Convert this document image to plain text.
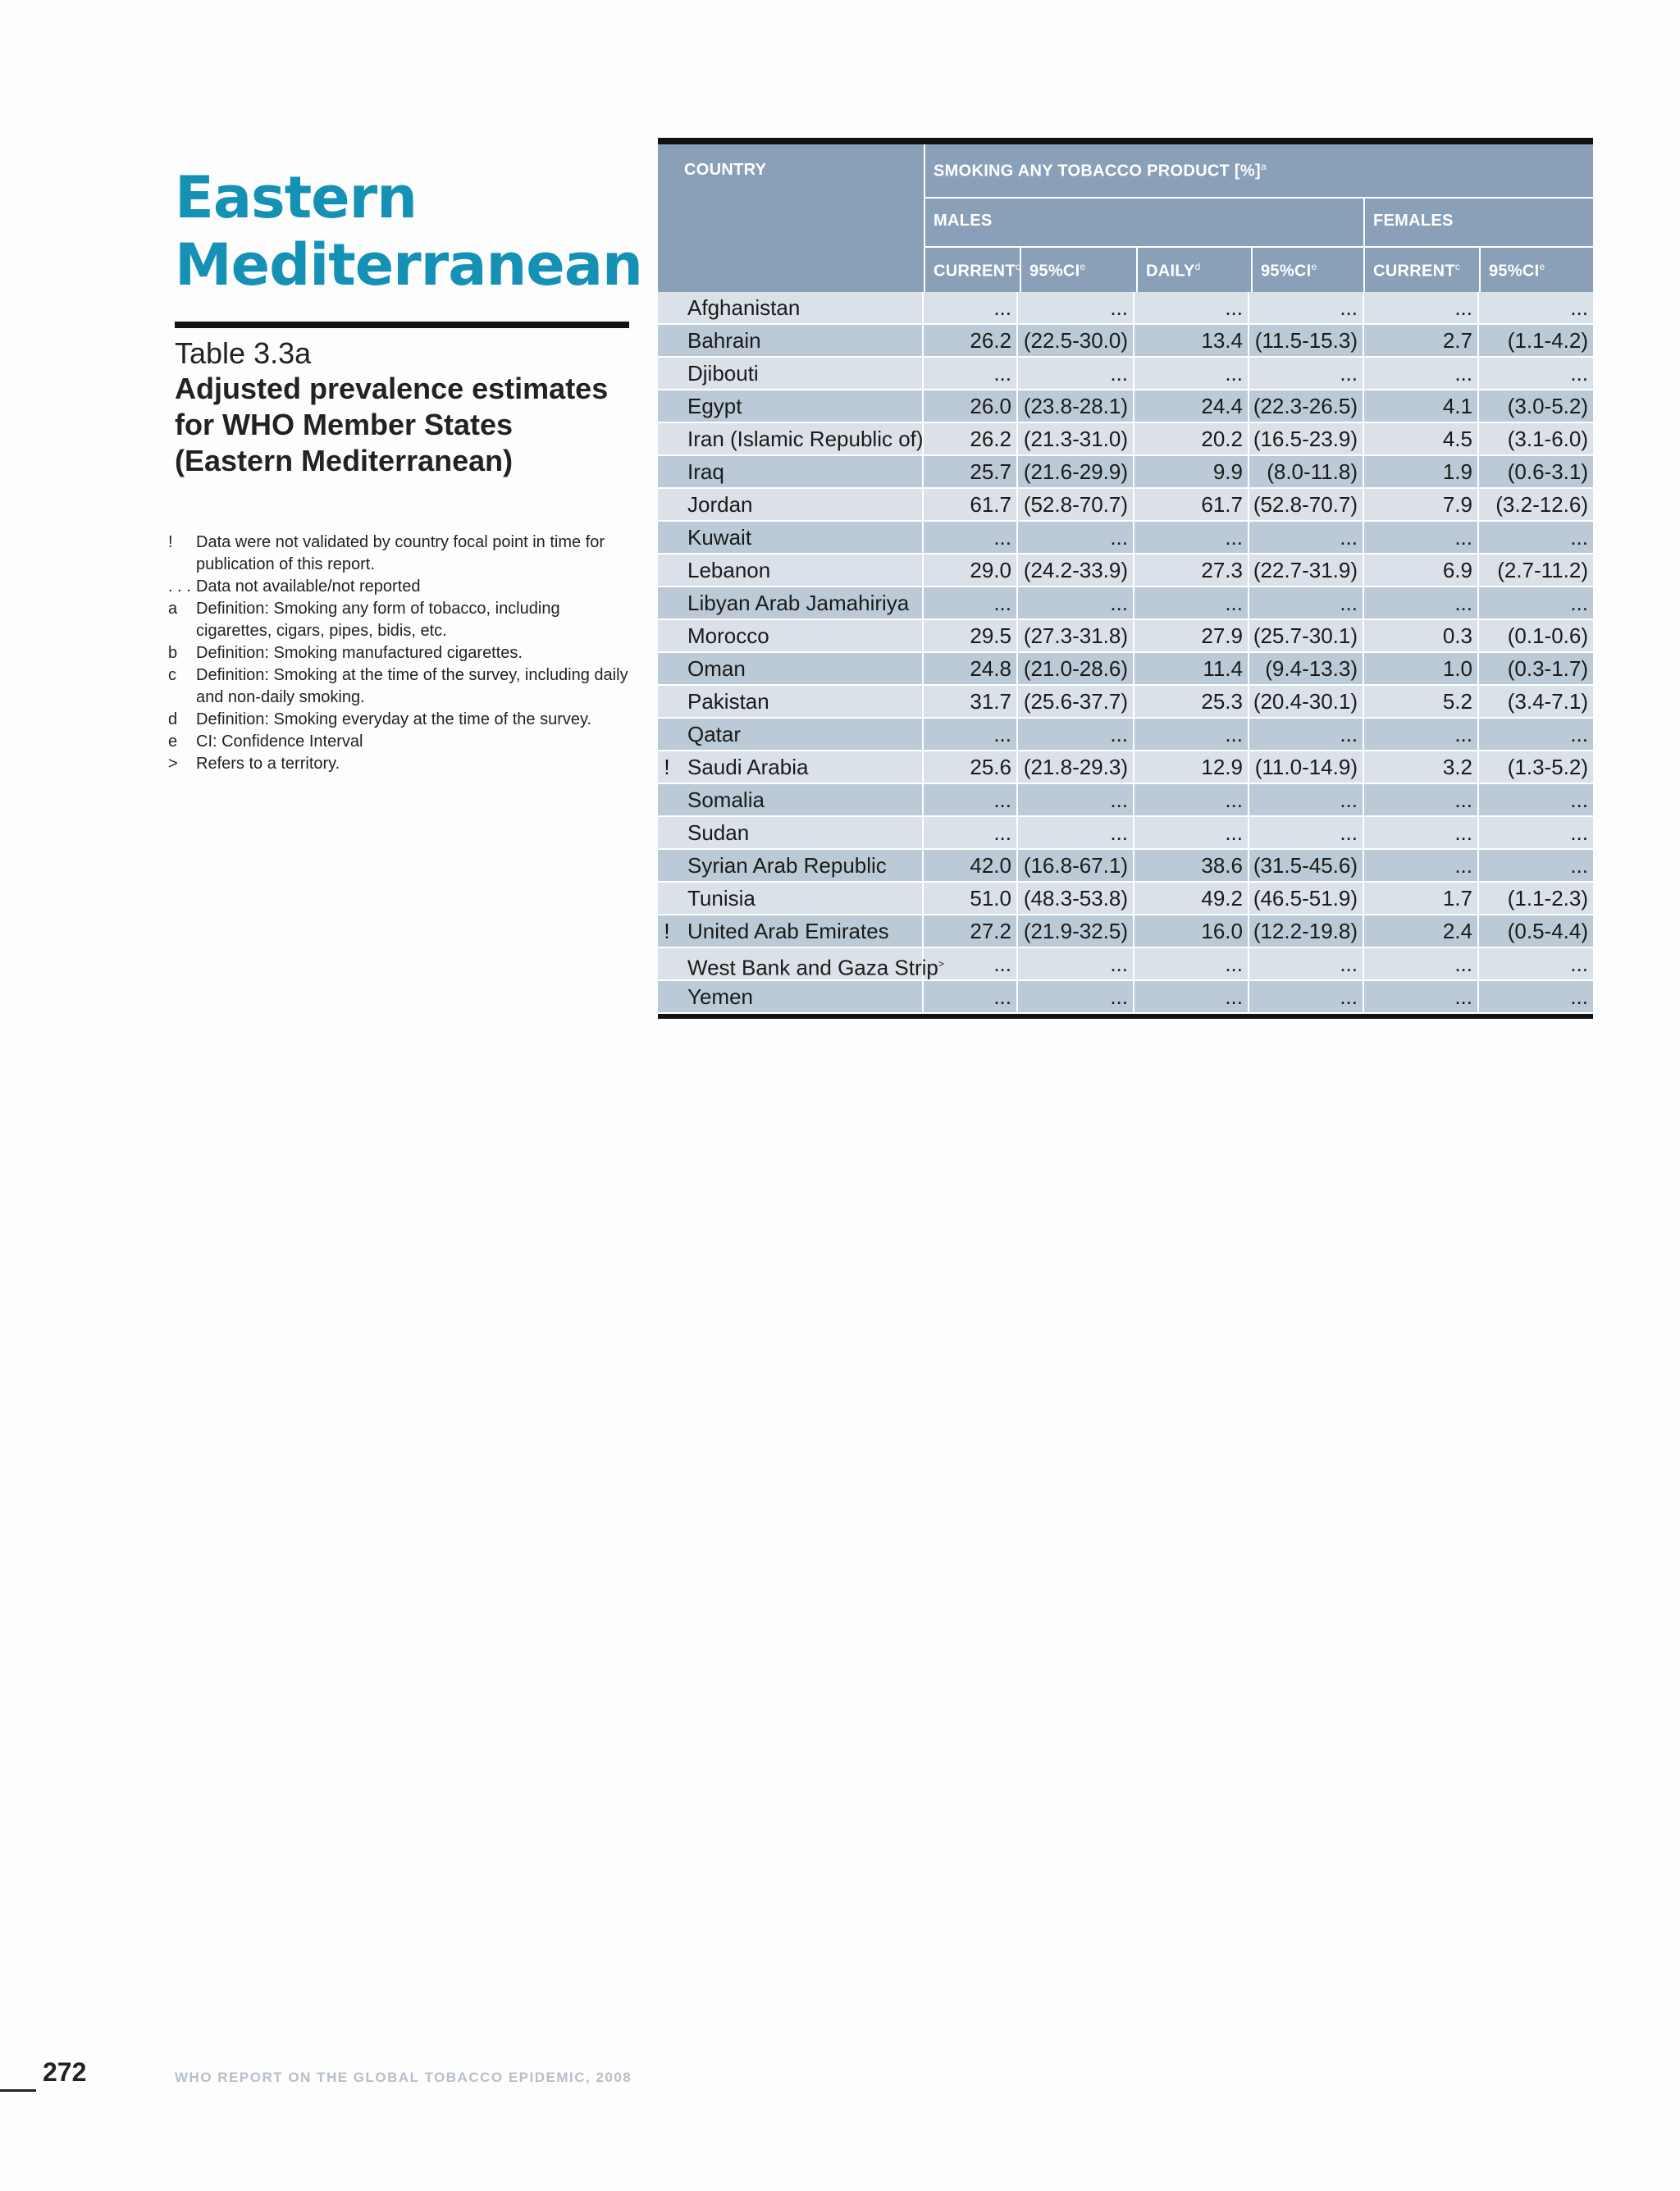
Eastern
Mediterranean
Table 3.3a
Adjusted prevalence estimates for WHO Member States (Eastern Mediterranean)
!	Data were not validated by country focal point in time for publication of this report.
. . . Data not available/not reported
a	Definition: Smoking any form of tobacco, including cigarettes, cigars, pipes, bidis, etc.
b	Definition: Smoking manufactured cigarettes.
c	Definition: Smoking at the time of the survey, including daily and non-daily smoking.
d	Definition: Smoking everyday at the time of the survey.
e	CI: Confidence Interval
>	Refers to a territory.
COUNTRY	SMOKING ANY TOBACCO PRODUCT [%]$^a$
MALES	FEMALES
CURRENT$^c$ 95%CIe	DAILY$^d$	95%CIe	CURRENT$^c$	95%CIe
Afghanistan	...	...	...	...	...	...
Bahrain	26.2 (22.5-30.0)	13.4 (11.5-15.3)	2.7	(1.1-4.2)
Djibouti	...	...	...	...	...	...
Egypt	26.0 (23.8-28.1)	24.4 (22.3-26.5)	4.1	(3.0-5.2)
Iran (Islamic Republic of)	26.2 (21.3-31.0)	20.2 (16.5-23.9)	4.5	(3.1-6.0)
Iraq	25.7 (21.6-29.9)	9.9	(8.0-11.8)	1.9	(0.6-3.1)
Jordan	61.7 (52.8-70.7)	61.7 (52.8-70.7)	7.9	(3.2-12.6)
Kuwait	...	...	...	...	...	...
Lebanon	29.0 (24.2-33.9)	27.3 (22.7-31.9)	6.9	(2.7-11.2)
Libyan Arab Jamahiriya	...	...	...	...	...	...
Morocco	29.5 (27.3-31.8)	27.9 (25.7-30.1)	0.3	(0.1-0.6)
Oman	24.8 (21.0-28.6)	11.4	(9.4-13.3)	1.0	(0.3-1.7)
Pakistan	31.7 (25.6-37.7)	25.3 (20.4-30.1)	5.2	(3.4-7.1)
Qatar	...	...	...	...	...	...
! Saudi Arabia	25.6 (21.8-29.3)	12.9 (11.0-14.9)	3.2	(1.3-5.2)
Somalia	...	...	...	...	...	...
Sudan	...	...	...	...	...	...
Syrian Arab Republic	42.0 (16.8-67.1)	38.6 (31.5-45.6)	...	...
Tunisia	51.0 (48.3-53.8)	49.2 (46.5-51.9)	1.7	(1.1-2.3)
! United Arab Emirates	27.2 (21.9-32.5)	16.0 (12.2-19.8)	2.4	(0.5-4.4)
West Bank and Gaza Strip>	...	...	...	...	...	...
Yemen	...	...	...	...	...	...
272	WHO REPORT ON THE GLOBAL TOBACCO EPIDEMIC, 2008
